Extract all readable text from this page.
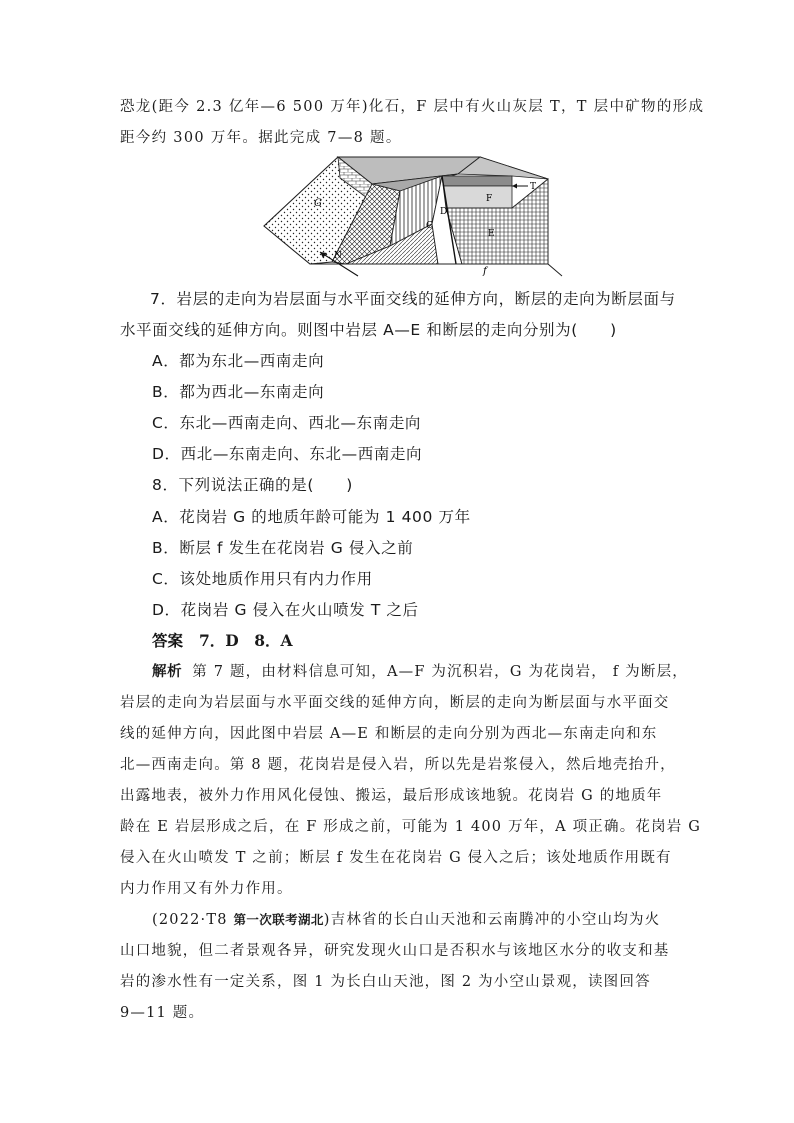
恐龙(距今 2.3 亿年—6 500 万年)化石，F 层中有火山灰层 T，T 层中矿物的形成
距今约 300 万年。据此完成 7—8 题。
G	F
E
D
C
T
f
N
7．岩层的走向为岩层面与水平面交线的延伸方向，断层的走向为断层面与
水平面交线的延伸方向。则图中岩层 A—E 和断层的走向分别为(　　)
A．都为东北—西南走向
B．都为西北—东南走向
C．东北—西南走向、西北—东南走向
D．西北—东南走向、东北—西南走向
8．下列说法正确的是(　　)
A．花岗岩 G 的地质年龄可能为 1 400 万年
B．断层 f 发生在花岗岩 G 侵入之前
C．该处地质作用只有内力作用
D．花岗岩 G 侵入在火山喷发 T 之后
答案 7．D　8．A
解析 第 7 题，由材料信息可知，A—F 为沉积岩，G 为花岗岩， f 为断层，
岩层的走向为岩层面与水平面交线的延伸方向，断层的走向为断层面与水平面交
线的延伸方向，因此图中岩层 A—E 和断层的走向分别为西北—东南走向和东
北—西南走向。第 8 题，花岗岩是侵入岩，所以先是岩浆侵入，然后地壳抬升，
出露地表，被外力作用风化侵蚀、搬运，最后形成该地貌。花岗岩 G 的地质年
龄在 E 岩层形成之后，在 F 形成之前，可能为 1 400 万年，A 项正确。花岗岩 G
侵入在火山喷发 T 之前；断层 f 发生在花岗岩 G 侵入之后；该处地质作用既有
内力作用又有外力作用。
(2022·T8 第一次联考湖北)吉林省的长白山天池和云南腾冲的小空山均为火
山口地貌，但二者景观各异，研究发现火山口是否积水与该地区水分的收支和基
岩的渗水性有一定关系，图 1 为长白山天池，图 2 为小空山景观，读图回答
9—11 题。
